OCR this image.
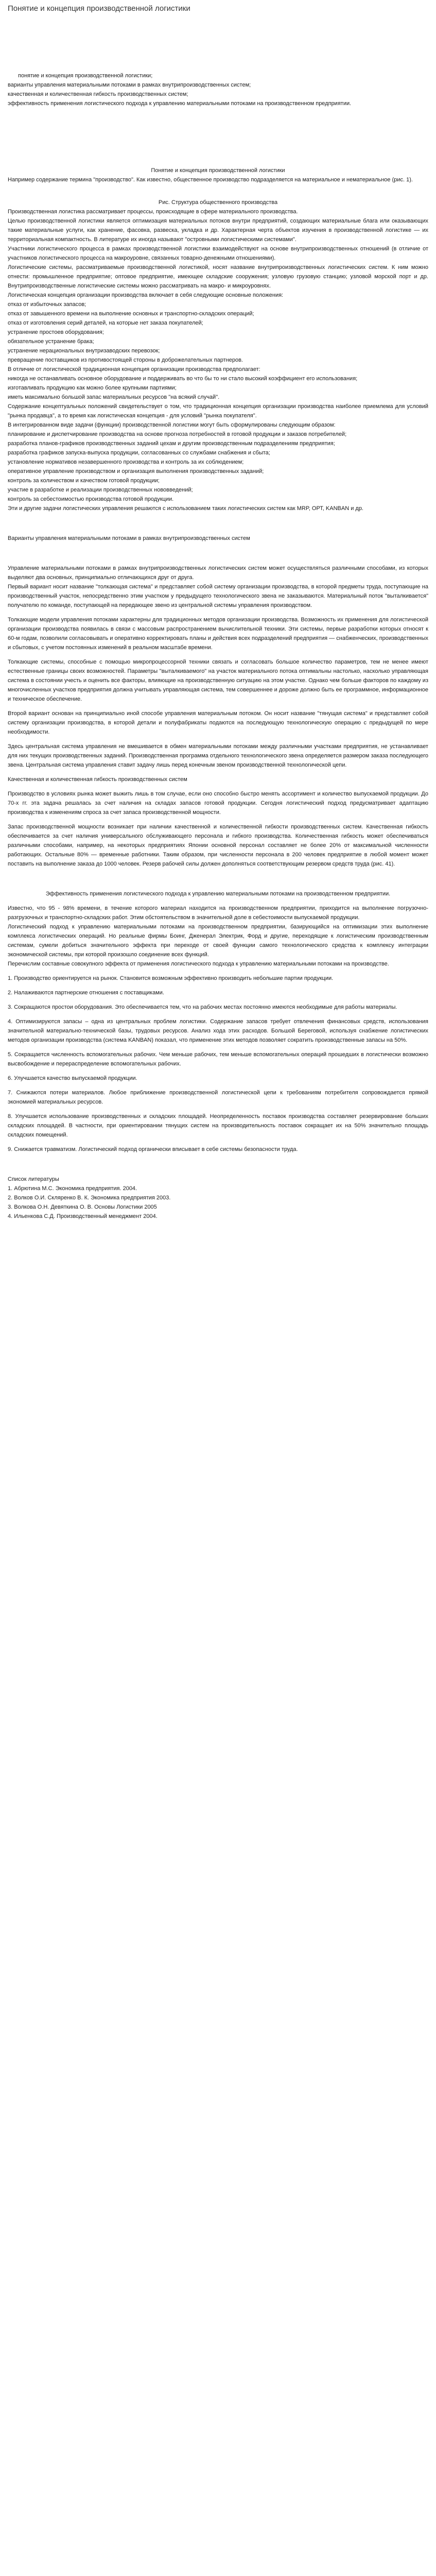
Понятие и концепция производственной логистики

понятие и концепция производственной логистики;

варианты управления материальными потоками в рамках внутрипроизводственных систем;

качественная и количественная гибкость производственных систем;

эффективность применения логистического подхода к управлению материальными потоками на производственном предприятии.

Понятие и концепция производственной логистики

Например содержание термина "производство". Как известно, общественное производство подразделяется на материальное и нематериальное (рис. 1).

Рис. Структура общественного производства

Производственная логистика рассматривает процессы, происходящие в сфере материального производства.

Целью производственной логистики является оптимизация материальных потоков внутри предприятий, создающих материальные блага или оказывающих такие материальные услуги, как хранение, фасовка, развеска, укладка и др. Характерная черта объектов изучения в производственной логистике — их территориальная компактность. В литературе их иногда называют "островными логистическими системами".

Участники логистического процесса в рамках производственной логистики взаимодействуют на основе внутрипроизводственных отношений (в отличие от участников логистического процесса на макроуровне, связанных товарно-денежными отношениями).

Логистические системы, рассматриваемые производственной логистикой, носят название внутрипроизводственных логистических систем. К ним можно отнести: промышленное предприятие; оптовое предприятие, имеющее складские сооружения; узловую грузовую станцию; узловой морской порт и др. Внутрипроизводственные логистические системы можно рассматривать на макро- и микроуровнях.

Логистическая концепция организации производства включает в себя следующие основные положения:

отказ от избыточных запасов;

отказ от завышенного времени на выполнение основных и транспортно-складских операций;

отказ от изготовления серий деталей, на которые нет заказа покупателей;

устранение простоев оборудования;

обязательное устранение брака;

устранение нерациональных внутризаводских перевозок;

превращение поставщиков из противостоящей стороны в доброжелательных партнеров.

В отличие от логистической традиционная концепция организации производства предполагает:

никогда не останавливать основное оборудование и поддерживать во что бы то ни стало высокий коэффициент его использования;

изготавливать продукцию как можно более крупными партиями;

иметь максимально большой запас материальных ресурсов "на всякий случай".

Содержание концептуальных положений свидетельствует о том, что традиционная концепция организации производства наиболее приемлема для условий "рынка продавца", а то время как логистическая концепция - для условий "рынка покупателя".

В интегрированном виде задачи (функции) производственной логистики могут быть сформулированы следующим образом:

планирование и диспетчирование производства на основе прогноза потребностей в готовой продукции и заказов потребителей;

разработка планов-графиков производственных заданий цехам и другим производственным подразделениям предприятия;

разработка графиков запуска-выпуска продукции, согласованных со службами снабжения и сбыта;

установление нормативов незавершенного производства и контроль за их соблюдением;

оперативное управление производством и организация выполнения производственных заданий;

контроль за количеством и качеством готовой продукции;

участие в разработке и реализации производственных нововведений;

контроль за себестоимостью производства готовой продукции.

Эти и другие задачи логистических управления решаются с использованием таких логистических систем как MRP, ОРТ, KANBAN и др.

Варианты управления материальными потоками в рамках внутрипроизводственных систем

Управление материальными потоками в рамках внутрипроизводственных логистических систем может осуществляться различными способами, из которых выделяют два основных, принципиально отличающихся друг от друга.

Первый вариант носит название "толкающая система" и представляет собой систему организации производства, в которой предметы труда, поступающие на производственный участок, непосредственно этим участком у предыдущего технологического звена не заказываются. Материальный поток "выталкивается" получателю по команде, поступающей на передающее звено из центральной системы управления производством.

Толкающие модели управления потоками характерны для традиционных методов организации производства. Возможность их применения для логистической организации производства появилась в связи с массовым распространением вычислительной техники. Эти системы, первые разработки которых относят к 60-м годам, позволили согласовывать и оперативно корректировать планы и действия всех подразделений предприятия — снабженческих, производственных и сбытовых, с учетом постоянных изменений в реальном масштабе времени.

Толкающие системы, способные с помощью микропроцессорной техники связать и согласовать большое количество параметров, тем не менее имеют естественные границы своих возможностей. Параметры "выталкиваемого" на участок материального потока оптимальны настолько, насколько управляющая система в состоянии учесть и оценить все факторы, влияющие на производственную ситуацию на этом участке. Однако чем больше факторов по каждому из многочисленных участков предприятия должна учитывать управляющая система, тем совершеннее и дороже должно быть ее программное, информационное и техническое обеспечение.

Второй вариант основан на принципиально иной способе управления материальным потоком. Он носит название "тянущая система" и представляет собой систему организации производства, в которой детали и полуфабрикаты подаются на последующую технологическую операцию с предыдущей по мере необходимости.

Здесь центральная система управления не вмешивается в обмен материальными потоками между различными участками предприятия, не устанавливает для них текущих производственных заданий. Производственная программа отдельного технологического звена определяется размером заказа последующего звена. Центральная система управления ставит задачу лишь перед конечным звеном производственной технологической цепи.

Качественная и количественная гибкость производственных систем

Производство в условиях рынка может выжить лишь в том случае, если оно способно быстро менять ассортимент и количество выпускаемой продукции. До 70-х гг. эта задача решалась за счет наличия на складах запасов готовой продукции. Сегодня логистический подход предусматривает адаптацию производства к изменениям спроса за счет запаса производственной мощности.

Запас производственной мощности возникает при наличии качественной и количественной гибкости производственных систем. Качественная гибкость обеспечивается за счет наличия универсального обслуживающего персонала и гибкого производства. Количественная гибкость может обеспечиваться различными способами, например, на некоторых предприятиях Японии основной персонал составляет не более 20% от максимальной численности работающих. Остальные 80% — временные работники. Таким образом, при численности персонала в 200 человек предприятие в любой момент может поставить на выполнение заказа до 1000 человек. Резерв рабочей силы должен дополняться соответствующим резервом средств труда (рис. 41).

Эффективность применения логистического подхода к управлению материальными потоками на производственном предприятии.

Известно, что 95 - 98% времени, в течение которого материал находится на производственном предприятии, приходится на выполнение погрузочно-разгрузочных и транспортно-складских работ. Этим обстоятельством в значительной доле в себестоимости выпускаемой продукции.

Логистический подход к управлению материальными потоками на производственном предприятии, базирующийся на оптимизации этих выполнение комплекса логистических операций. Но реальные фирмы Боинг, Дженерал Электрик, Форд и другие, переходящие к логистическим производственным системам, сумели добиться значительного эффекта при переходе от своей функции самого технологического средства к комплексу интеграции экономической системы, при которой произошло соединение всех функций.

Перечислим составные совокупного эффекта от применения логистического подхода к управлению материальными потоками на производстве.

1. Производство ориентируется на рынок. Становится возможным эффективно производить небольшие партии продукции.

2. Налаживаются партнерские отношения с поставщиками.

3. Сокращаются простои оборудования. Это обеспечивается тем, что на рабочих местах постоянно имеются необходимые для работы материалы.

4. Оптимизируются запасы – одна из центральных проблем логистики. Содержание запасов требует отвлечения финансовых средств, использования значительной материально-технической базы, трудовых ресурсов. Анализ хода этих расходов. Большой Береговой, используя снабжение логистических методов организации производства (система KANBAN) показал, что применение этих методов позволяет сократить производственные запасы на 50%.

5. Сокращается численность вспомогательных рабочих. Чем меньше рабочих, тем меньше вспомогательных операций прошедших в логистически возможно высвобождение и перераспределение вспомогательных рабочих.

6. Улучшается качество выпускаемой продукции.

7. Снижаются потери материалов. Любое приближение производственной логистической цепи к требованиям потребителя сопровождается прямой экономией материальных ресурсов.

8. Улучшается использование производственных и складских площадей. Неопределенность поставок производства составляет резервирование больших складских площадей. В частности, при ориентировании тянущих систем на производительность поставок сокращает их на 50% значительно площадь складских помещений.

9. Снижается травматизм. Логистический подход органически вписывает в себе системы безопасности труда.

Список литературы

1. Абрютина М.С. Экономика предприятия. 2004.

2. Волков О.И. Скляренко В. К. Экономика предприятия 2003.

3. Волкова О.Н. Девяткина О. В. Основы Логистики 2005

4. Ильенкова С.Д. Производственный менеджмент 2004.
